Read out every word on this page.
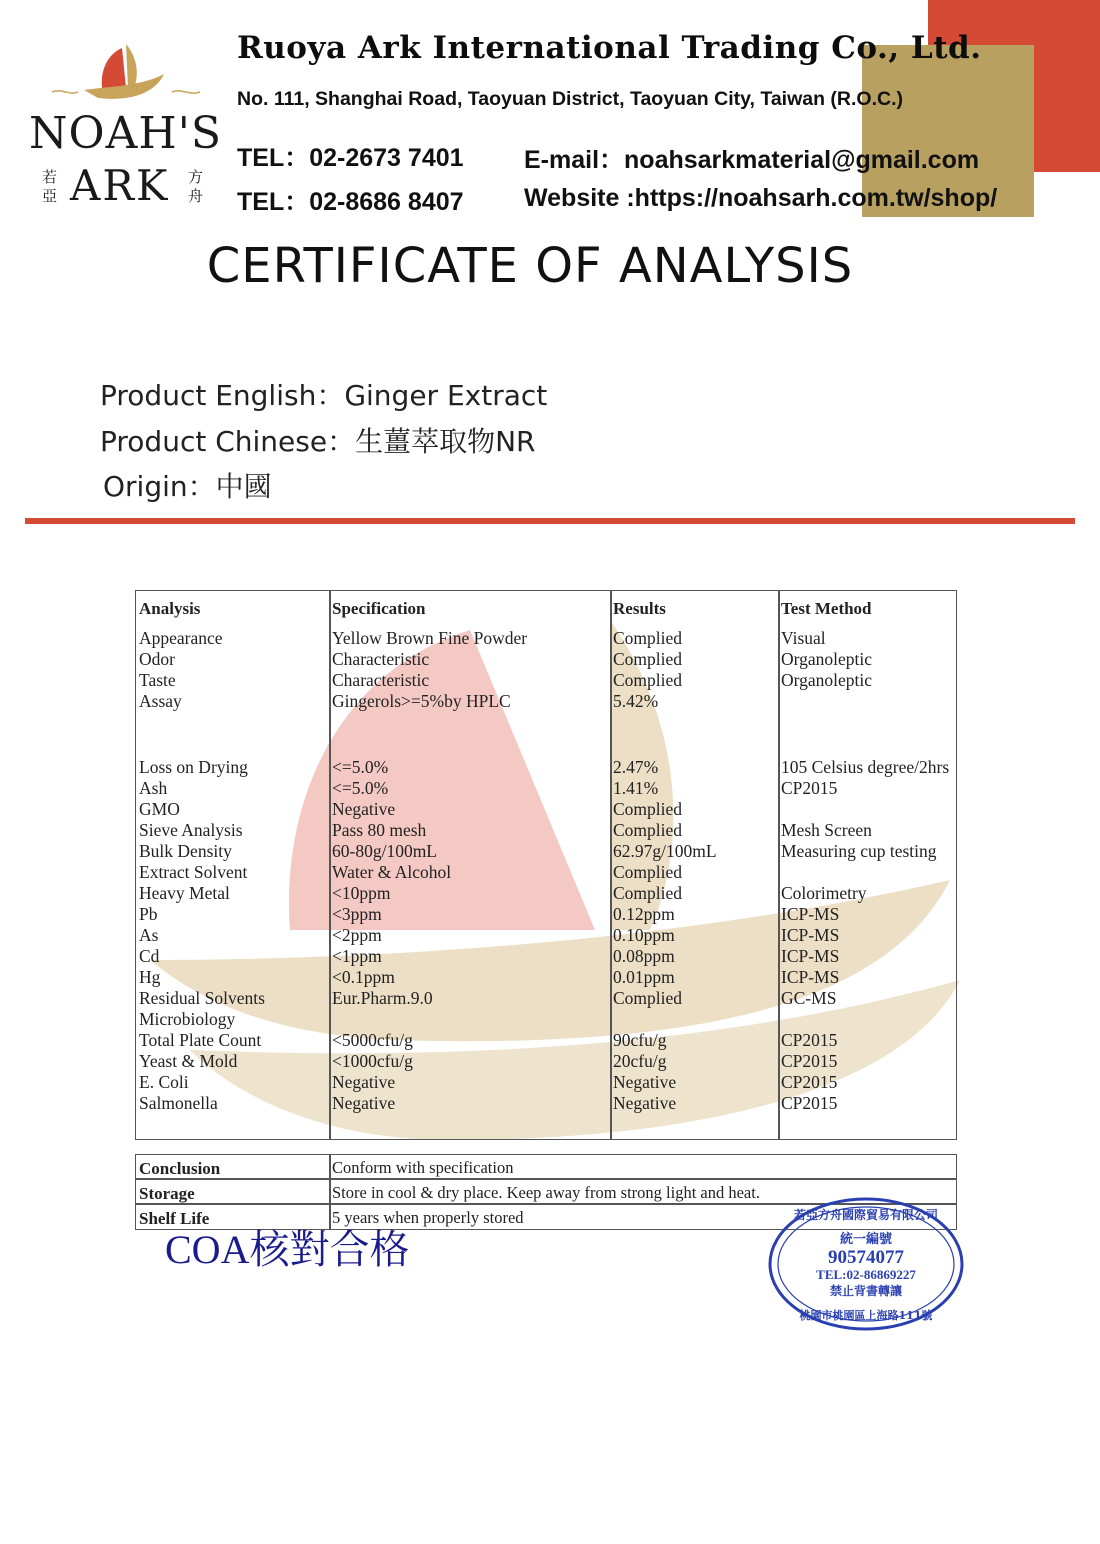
NOAH'S
若亞 ARK 方舟
Ruoya Ark International Trading Co., Ltd.
No. 111, Shanghai Road, Taoyuan District, Taoyuan City, Taiwan (R.O.C.)
TEL：02-2673 7401
TEL：02-8686 8407
E-mail：noahsarkmaterial@gmail.com
Website :https://noahsarh.com.tw/shop/
CERTIFICATE OF ANALYSIS
Product English：Ginger Extract
Product Chinese：生薑萃取物NR
Origin：中國
Analysis	Specification	Results	Test Method
Appearance	Yellow Brown Fine Powder	Complied	Visual
Odor	Characteristic	Complied	Organoleptic
Taste	Characteristic	Complied	Organoleptic
Assay	Gingerols>=5%by HPLC	5.42%
Loss on Drying	<=5.0%	2.47%	105 Celsius degree/2hrs
Ash	<=5.0%	1.41%	CP2015
GMO	Negative	Complied
Sieve Analysis	Pass 80 mesh	Complied	Mesh Screen
Bulk Density	60-80g/100mL	62.97g/100mL	Measuring cup testing
Extract Solvent	Water & Alcohol	Complied
Heavy Metal	<10ppm	Complied	Colorimetry
Pb	<3ppm	0.12ppm	ICP-MS
As	<2ppm	0.10ppm	ICP-MS
Cd	<1ppm	0.08ppm	ICP-MS
Hg	<0.1ppm	0.01ppm	ICP-MS
Residual Solvents	Eur.Pharm.9.0	Complied	GC-MS
Microbiology
Total Plate Count	<5000cfu/g	90cfu/g	CP2015
Yeast & Mold	<1000cfu/g	20cfu/g	CP2015
E. Coli	Negative	Negative	CP2015
Salmonella	Negative	Negative	CP2015
Conclusion	Conform with specification
Storage	Store in cool & dry place. Keep away from strong light and heat.
Shelf Life	5 years when properly stored
COA核對合格
若亞方舟國際貿易有限公司
統一編號
90574077
TEL:02-86869227
禁止背書轉讓
桃園市桃園區上海路111號
